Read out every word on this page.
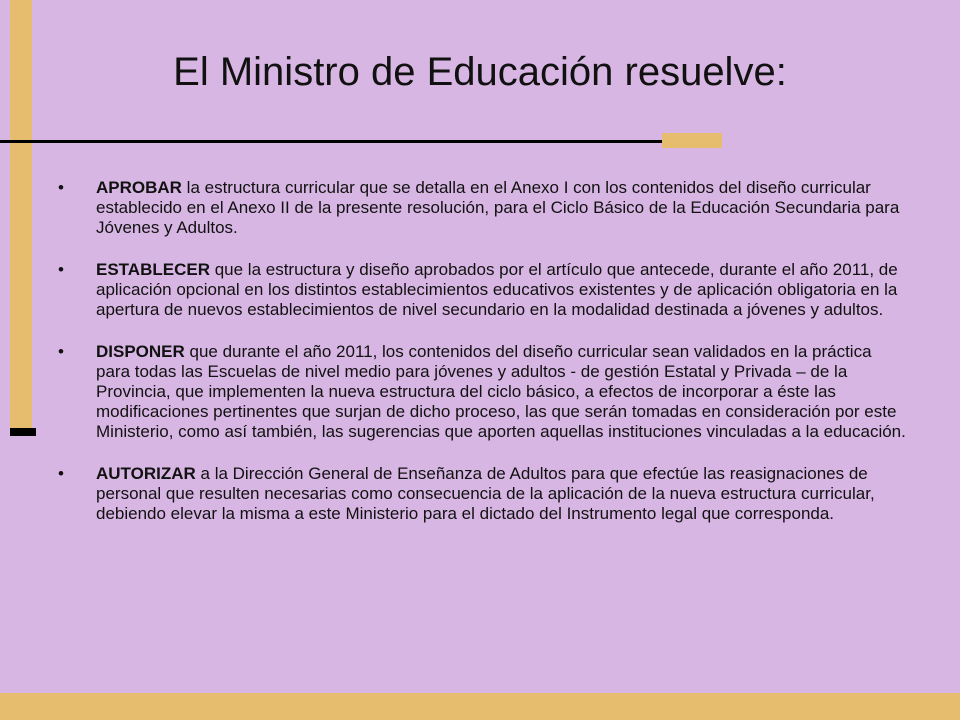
El Ministro de Educación resuelve:
• APROBAR la estructura curricular que se detalla en el Anexo I con los contenidos del diseño curricular establecido en el Anexo II de la presente resolución, para el Ciclo Básico de la Educación Secundaria para Jóvenes y Adultos.
• ESTABLECER que la estructura y diseño aprobados por el artículo que antecede, durante el año 2011, de aplicación opcional en los distintos establecimientos educativos existentes y de aplicación obligatoria en la apertura de nuevos establecimientos de nivel secundario en la modalidad destinada a jóvenes y adultos.
• DISPONER que durante el año 2011, los contenidos del diseño curricular sean validados en la práctica para todas las Escuelas de nivel medio para jóvenes y adultos - de gestión Estatal y Privada – de la Provincia, que implementen la nueva estructura del ciclo básico, a efectos de incorporar a éste las modificaciones pertinentes que surjan de dicho proceso, las que serán tomadas en consideración por este Ministerio, como así también, las sugerencias que aporten aquellas instituciones vinculadas a la educación.
• AUTORIZAR a la Dirección General de Enseñanza de Adultos para que efectúe las reasignaciones de personal que resulten necesarias como consecuencia de la aplicación de la nueva estructura curricular, debiendo elevar la misma a este Ministerio para el dictado del Instrumento legal que corresponda.
